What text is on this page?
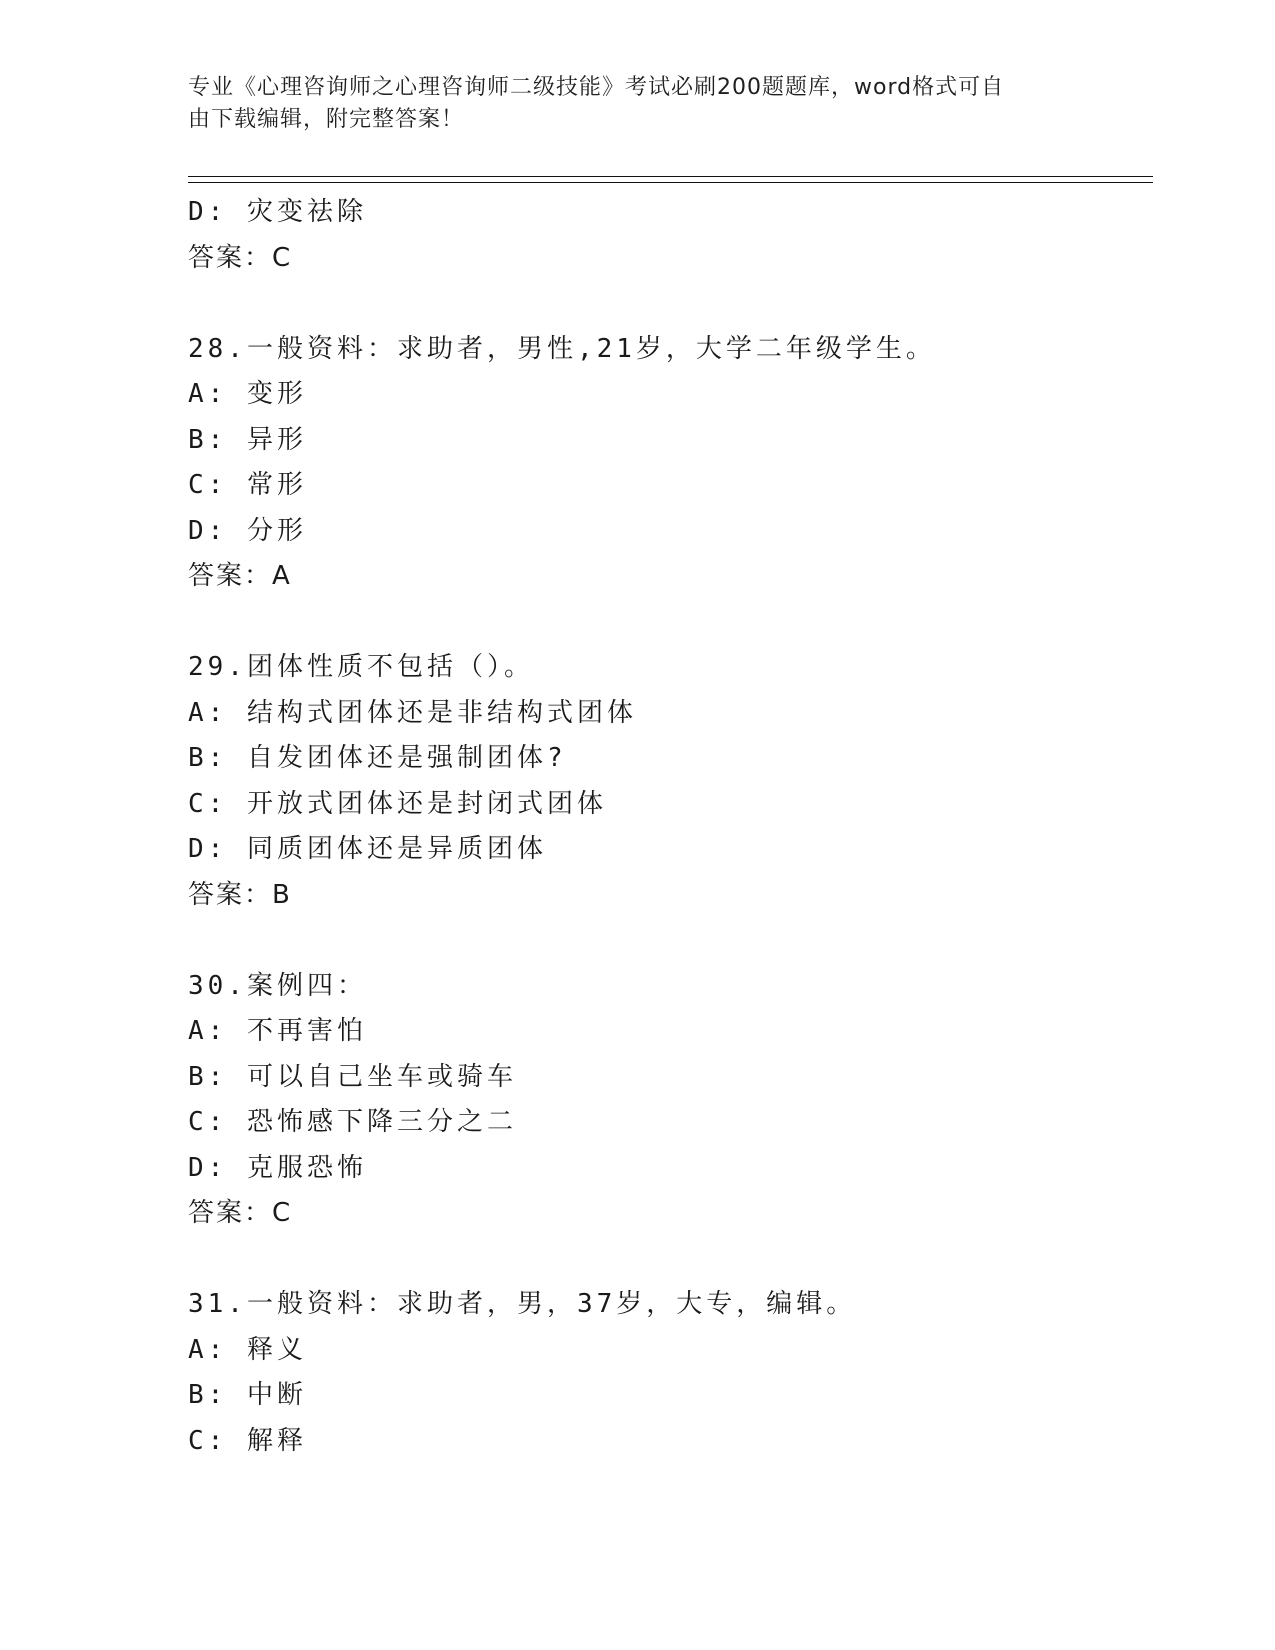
专业《心理咨询师之心理咨询师二级技能》考试必刷200题题库，word格式可自
由下载编辑，附完整答案！
D: 灾变祛除
答案：C
28.一般资料：求助者，男性,21岁，大学二年级学生。
A: 变形
B: 异形
C: 常形
D: 分形
答案：A
29.团体性质不包括（）。
A: 结构式团体还是非结构式团体
B: 自发团体还是强制团体?
C: 开放式团体还是封闭式团体
D: 同质团体还是异质团体
答案：B
30.案例四：
A: 不再害怕
B: 可以自己坐车或骑车
C: 恐怖感下降三分之二
D: 克服恐怖
答案：C
31.一般资料：求助者，男，37岁，大专，编辑。
A: 释义
B: 中断
C: 解释
